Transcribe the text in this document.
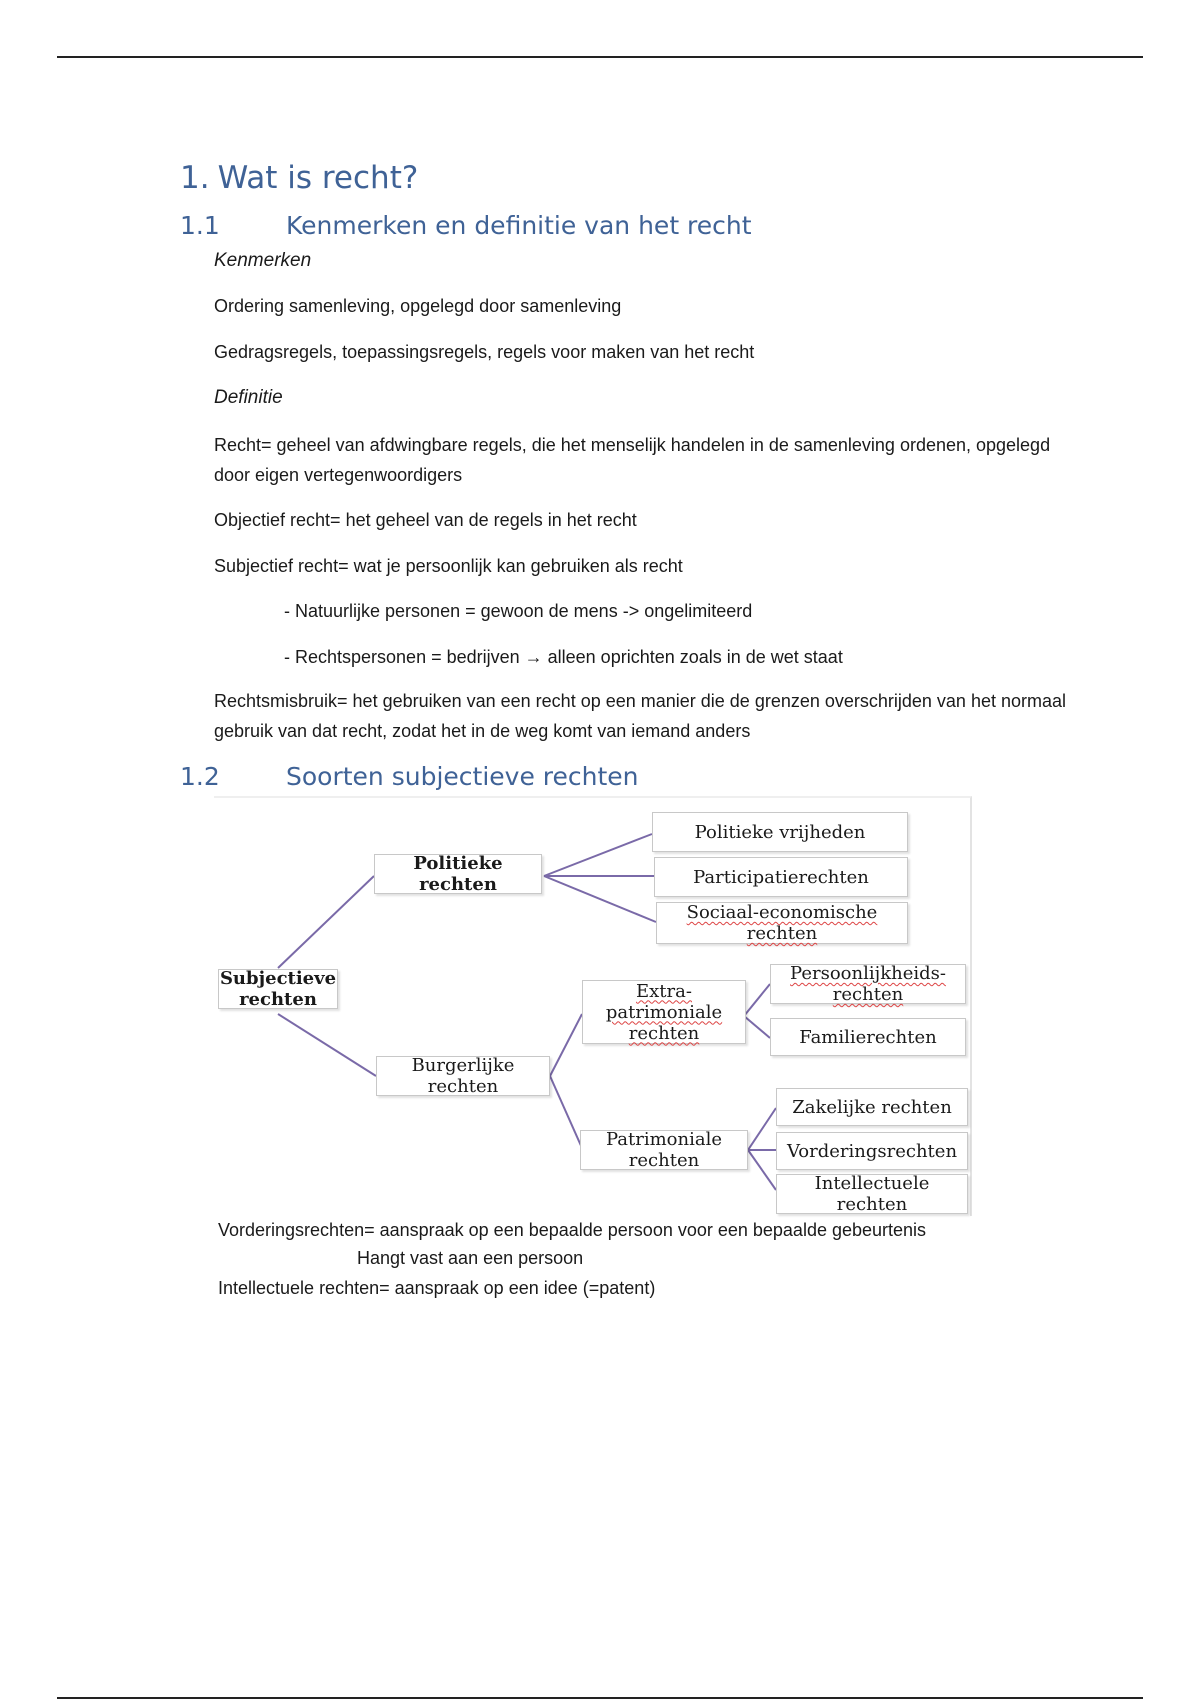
1. Wat is recht?
1.1	Kenmerken en definitie van het recht
Kenmerken
Ordering samenleving, opgelegd door samenleving
Gedragsregels, toepassingsregels, regels voor maken van het recht
Definitie
Recht= geheel van afdwingbare regels, die het menselijk handelen in de samenleving ordenen, opgelegd door eigen vertegenwoordigers
Objectief recht= het geheel van de regels in het recht
Subjectief recht= wat je persoonlijk kan gebruiken als recht
- Natuurlijke personen = gewoon de mens -> ongelimiteerd
- Rechtspersonen = bedrijven → alleen oprichten zoals in de wet staat
Rechtsmisbruik= het gebruiken van een recht op een manier die de grenzen overschrijden van het normaal gebruik van dat recht, zodat het in de weg komt van iemand anders
1.2	Soorten subjectieve rechten
Subjectieve rechten
Politieke rechten
Politieke vrijheden
Participatierechten
Sociaal-economische rechten
Burgerlijke rechten
Extra-patrimoniale rechten
Persoonlijkheids-rechten
Familierechten
Patrimoniale rechten
Zakelijke rechten
Vorderingsrechten
Intellectuele rechten
Vorderingsrechten= aanspraak op een bepaalde persoon voor een bepaalde gebeurtenis
Hangt vast aan een persoon
Intellectuele rechten= aanspraak op een idee (=patent)
